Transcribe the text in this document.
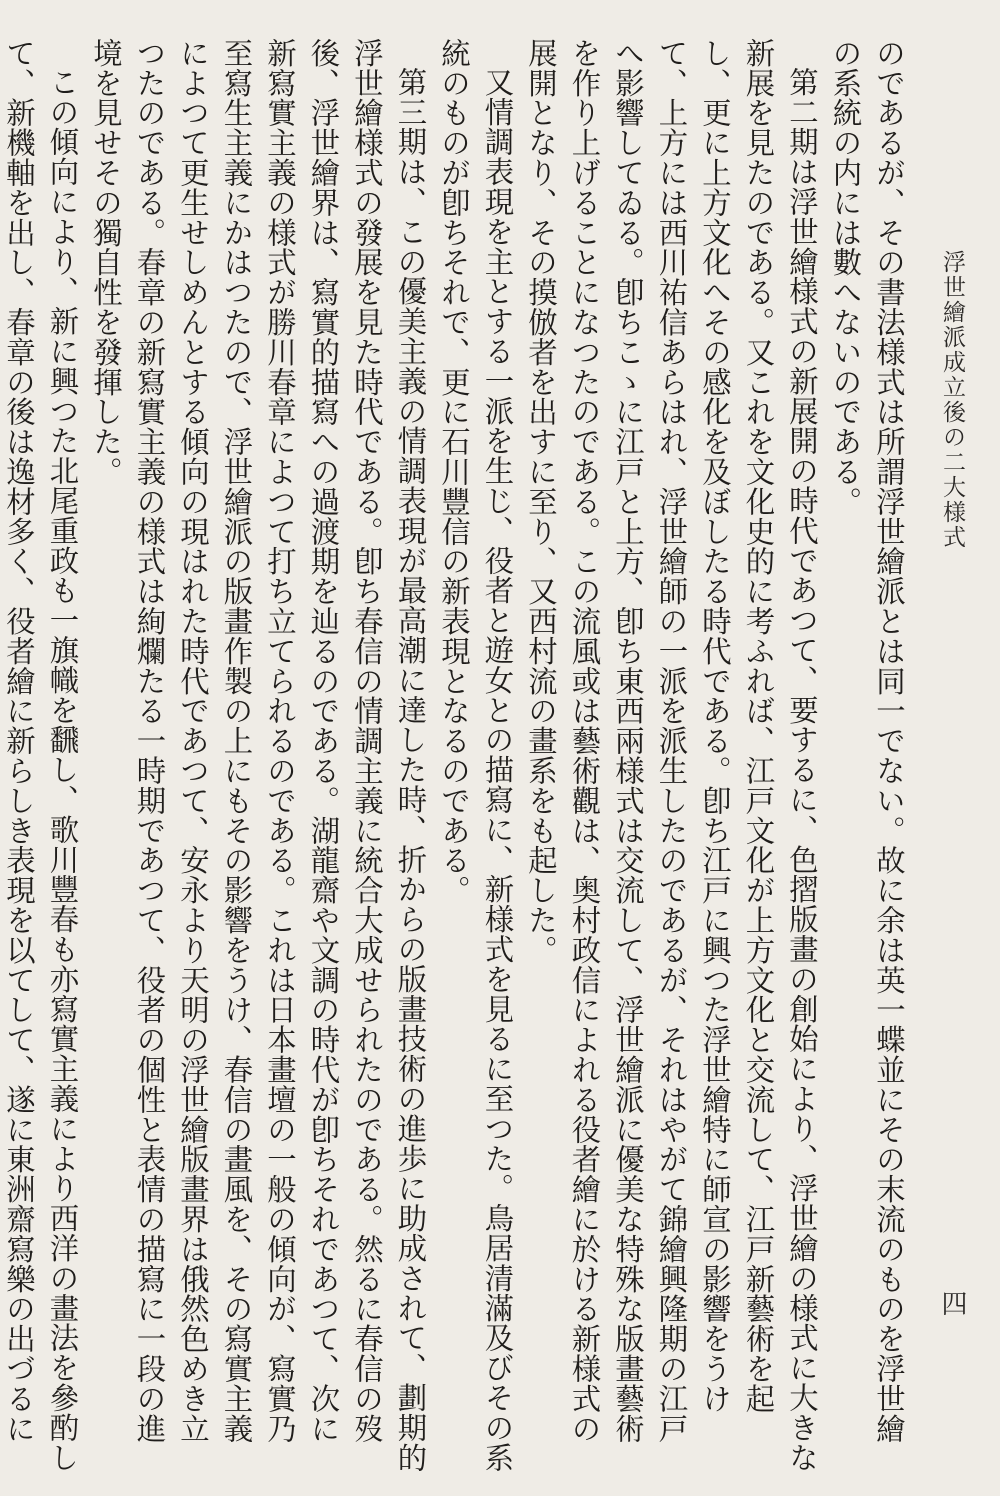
浮世繪派成立後の二大様式
四

のであるが、その書法様式は所謂浮世繪派とは同一でない。故に余は英一蝶並にその末流のものを浮世繪の系統の内には數へないのである。

第二期は浮世繪様式の新展開の時代であつて、要するに、色摺版畫の創始により、浮世繪の様式に大きな新展を見たのである。又これを文化史的に考ふれば、江戸文化が上方文化と交流して、江戸新藝術を起し、更に上方文化へその感化を及ぼしたる時代である。卽ち江戸に興つた浮世繪特に師宣の影響をうけて、上方には西川祐信あらはれ、浮世繪師の一派を派生したのであるが、それはやがて錦繪興隆期の江戸へ影響してゐる。卽ちこゝに江戸と上方、卽ち東西兩様式は交流して、浮世繪派に優美な特殊な版畫藝術を作り上げることになつたのである。この流風或は藝術觀は、奥村政信によれる役者繪に於ける新様式の展開となり、その摸倣者を出すに至り、又西村流の畫系をも起した。

又情調表現を主とする一派を生じ、役者と遊女との描寫に、新様式を見るに至つた。鳥居清滿及びその系統のものが卽ちそれで、更に石川豐信の新表現となるのである。

第三期は、この優美主義の情調表現が最高潮に達した時、折からの版畫技術の進歩に助成されて、劃期的浮世繪様式の發展を見た時代である。卽ち春信の情調主義に統合大成せられたのである。然るに春信の歿後、浮世繪界は、寫實的描寫への過渡期を辿るのである。湖龍齋や文調の時代が卽ちそれであつて、次に新寫實主義の様式が勝川春章によつて打ち立てられるのである。これは日本畫壇の一般の傾向が、寫實乃至寫生主義にかはつたので、浮世繪派の版畫作製の上にもその影響をうけ、春信の畫風を、その寫實主義によつて更生せしめんとする傾向の現はれた時代であつて、安永より天明の浮世繪版畫界は俄然色めき立つたのである。春章の新寫實主義の様式は絢爛たる一時期であつて、役者の個性と表情の描寫に一段の進境を見せその獨自性を發揮した。

この傾向により、新に興つた北尾重政も一旗幟を飜し、歌川豐春も亦寫實主義により西洋の畫法を參酌して、新機軸を出し、春章の後は逸材多く、役者繪に新らしき表現を以てして、遂に東洲齋寫樂の出づるに
